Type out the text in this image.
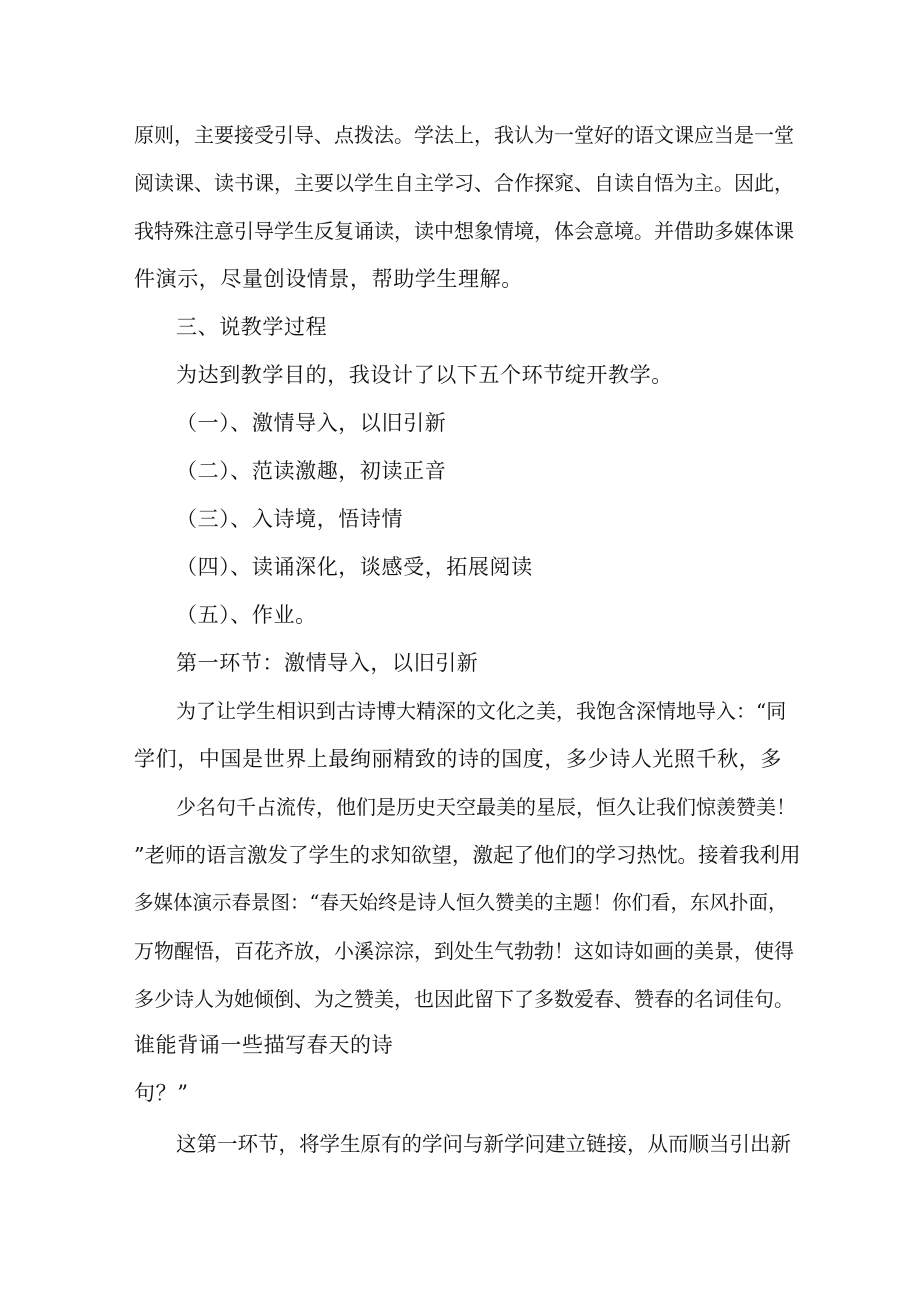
原则，主要接受引导、点拨法。学法上，我认为一堂好的语文课应当是一堂
阅读课、读书课，主要以学生自主学习、合作探窕、自读自悟为主。因此，
我特殊注意引导学生反复诵读，读中想象情境，体会意境。并借助多媒体课
件演示，尽量创设情景，帮助学生理解。
三、说教学过程
为达到教学目的，我设计了以下五个环节绽开教学。
（一）、激情导入，以旧引新
（二）、范读激趣，初读正音
（三）、入诗境，悟诗情
（四）、读诵深化，谈感受，拓展阅读
（五）、作业。
第一环节：激情导入，以旧引新
为了让学生相识到古诗博大精深的文化之美，我饱含深情地导入：“同
学们，中国是世界上最绚丽精致的诗的国度，多少诗人光照千秋，多
少名句千占流传，他们是历史天空最美的星辰，恒久让我们惊羡赞美！
”老师的语言激发了学生的求知欲望，激起了他们的学习热忱。接着我利用
多媒体演示春景图：“春天始终是诗人恒久赞美的主题！你们看，东风扑面，
万物醒悟，百花齐放，小溪淙淙，到处生气勃勃！这如诗如画的美景，使得
多少诗人为她倾倒、为之赞美，也因此留下了多数爱春、赞春的名词佳句。
谁能背诵一些描写春天的诗
句？”
这第一环节，将学生原有的学问与新学问建立链接，从而顺当引出新
